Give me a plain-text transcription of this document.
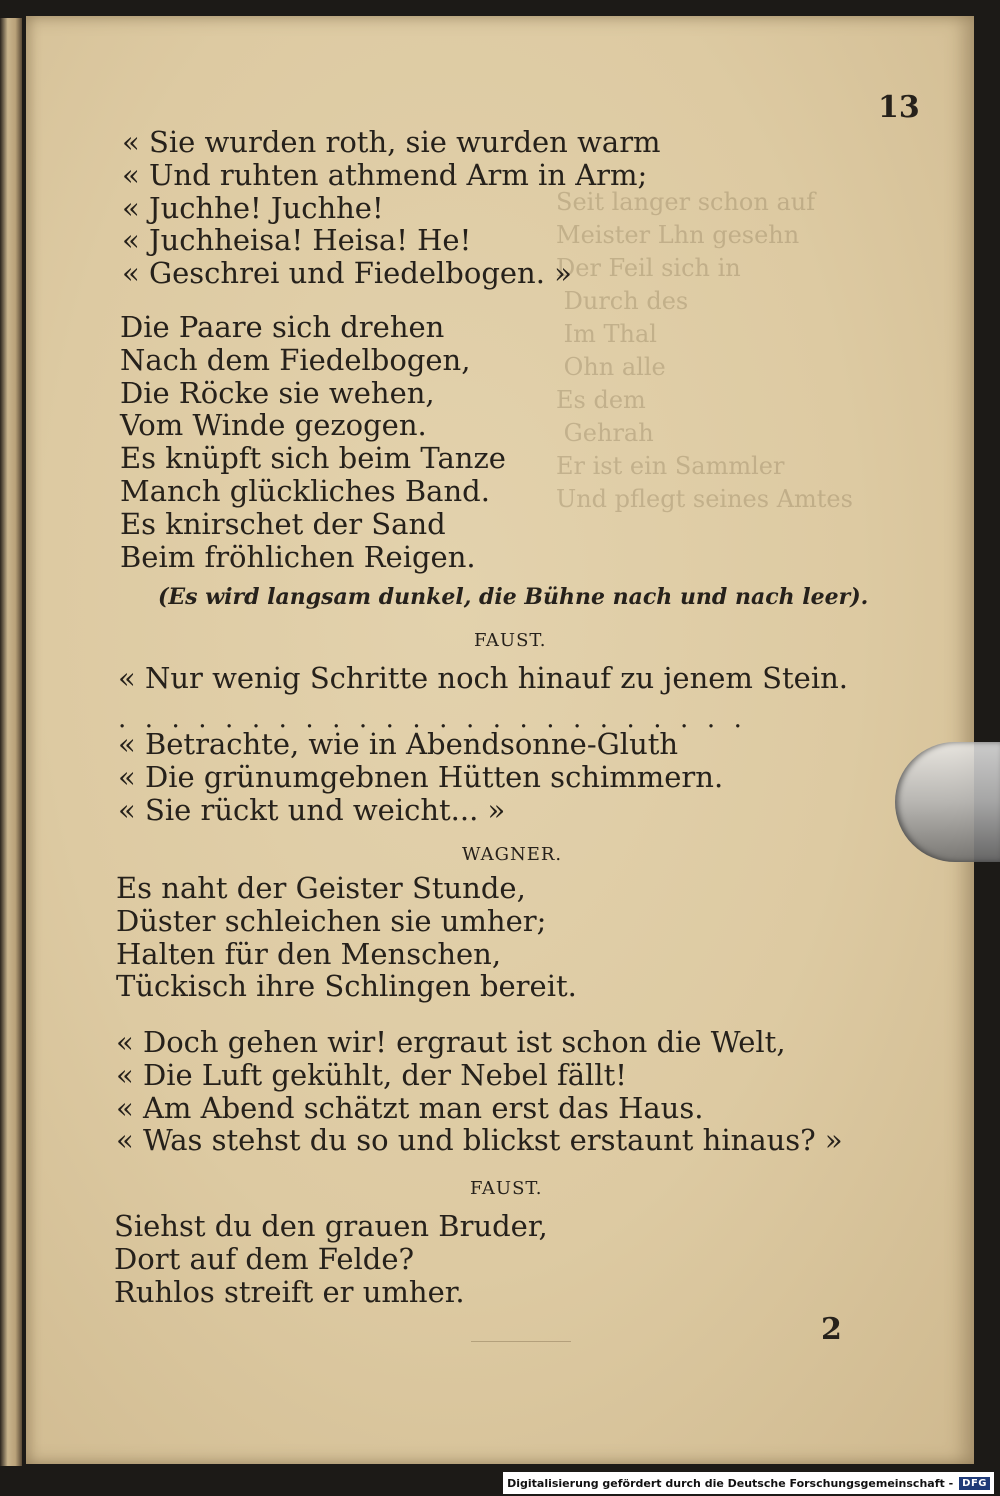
Seit langer schon auf
Meister Lhn gesehn
Der Feil sich in
Durch des
Im Thal
Ohn alle
Es dem
Gehrah
Er ist ein Sammler
Und pflegt seines Amtes
13
« Sie wurden roth, sie wurden warm
« Und ruhten athmend Arm in Arm;
« Juchhe! Juchhe!
« Juchheisa! Heisa! He!
« Geschrei und Fiedelbogen. »
Die Paare sich drehen
Nach dem Fiedelbogen,
Die Röcke sie wehen,
Vom Winde gezogen.
Es knüpft sich beim Tanze
Manch glückliches Band.
Es knirschet der Sand
Beim fröhlichen Reigen.
(Es wird langsam dunkel, die Bühne nach und nach leer).
FAUST.
« Nur wenig Schritte noch hinauf zu jenem Stein.
........................
« Betrachte, wie in Abendsonne-Gluth
« Die grünumgebnen Hütten schimmern.
« Sie rückt und weicht... »
WAGNER.
Es naht der Geister Stunde,
Düster schleichen sie umher;
Halten für den Menschen,
Tückisch ihre Schlingen bereit.
« Doch gehen wir! ergraut ist schon die Welt,
« Die Luft gekühlt, der Nebel fällt!
« Am Abend schätzt man erst das Haus.
« Was stehst du so und blickst erstaunt hinaus? »
FAUST.
Siehst du den grauen Bruder,
Dort auf dem Felde?
Ruhlos streift er umher.
2
Digitalisierung gefördert durch die Deutsche Forschungsgemeinschaft - DFG
